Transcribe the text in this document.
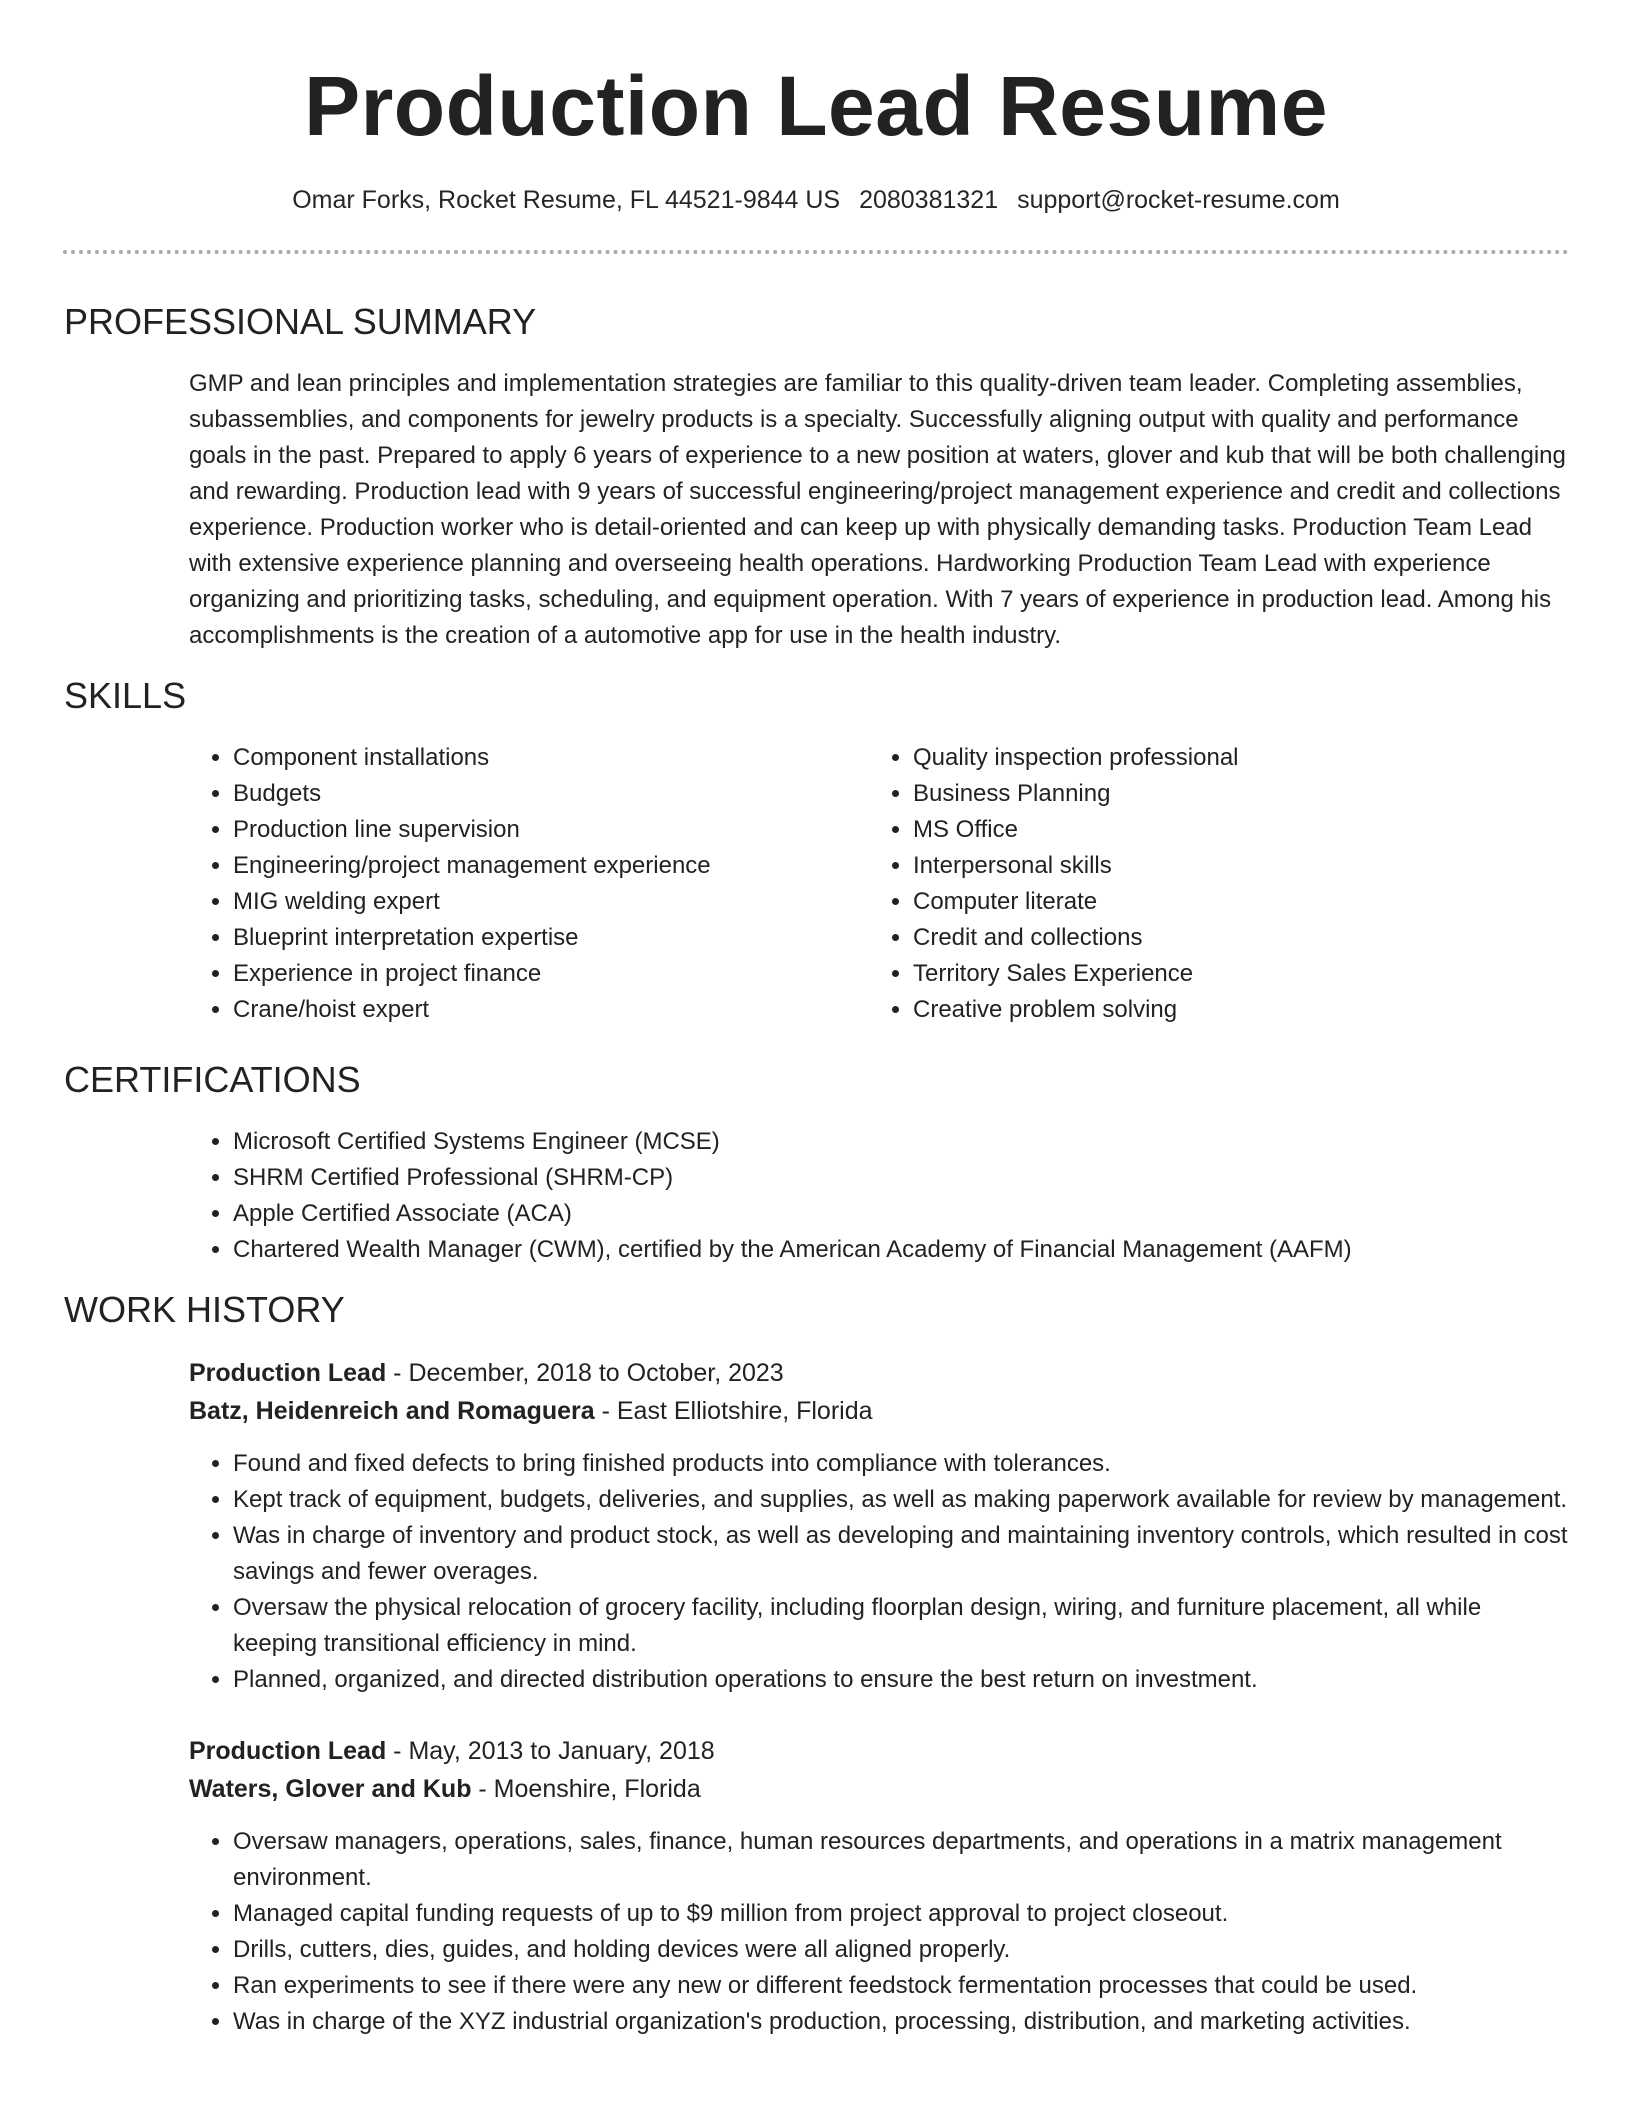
Production Lead Resume
Omar Forks, Rocket Resume, FL 44521-9844 US 2080381321 support@rocket-resume.com
PROFESSIONAL SUMMARY

GMP and lean principles and implementation strategies are familiar to this quality-driven team leader. Completing assemblies, subassemblies, and components for jewelry products is a specialty. Successfully aligning output with quality and performance goals in the past. Prepared to apply 6 years of experience to a new position at waters, glover and kub that will be both challenging and rewarding. Production lead with 9 years of successful engineering/project management experience and credit and collections experience. Production worker who is detail-oriented and can keep up with physically demanding tasks. Production Team Lead with extensive experience planning and overseeing health operations. Hardworking Production Team Lead with experience organizing and prioritizing tasks, scheduling, and equipment operation. With 7 years of experience in production lead. Among his accomplishments is the creation of a automotive app for use in the health industry.

SKILLS
• Component installations
• Budgets
• Production line supervision
• Engineering/project management experience
• MIG welding expert
• Blueprint interpretation expertise
• Experience in project finance
• Crane/hoist expert
• Quality inspection professional
• Business Planning
• MS Office
• Interpersonal skills
• Computer literate
• Credit and collections
• Territory Sales Experience
• Creative problem solving
CERTIFICATIONS
• Microsoft Certified Systems Engineer (MCSE)
• SHRM Certified Professional (SHRM-CP)
• Apple Certified Associate (ACA)
• Chartered Wealth Manager (CWM), certified by the American Academy of Financial Management (AAFM)
WORK HISTORY
Production Lead - December, 2018 to October, 2023
Batz, Heidenreich and Romaguera - East Elliotshire, Florida
• Found and fixed defects to bring finished products into compliance with tolerances.
• Kept track of equipment, budgets, deliveries, and supplies, as well as making paperwork available for review by management.
• Was in charge of inventory and product stock, as well as developing and maintaining inventory controls, which resulted in cost savings and fewer overages.
• Oversaw the physical relocation of grocery facility, including floorplan design, wiring, and furniture placement, all while keeping transitional efficiency in mind.
• Planned, organized, and directed distribution operations to ensure the best return on investment.
Production Lead - May, 2013 to January, 2018
Waters, Glover and Kub - Moenshire, Florida
• Oversaw managers, operations, sales, finance, human resources departments, and operations in a matrix management environment.
• Managed capital funding requests of up to $9 million from project approval to project closeout.
• Drills, cutters, dies, guides, and holding devices were all aligned properly.
• Ran experiments to see if there were any new or different feedstock fermentation processes that could be used.
• Was in charge of the XYZ industrial organization's production, processing, distribution, and marketing activities.
